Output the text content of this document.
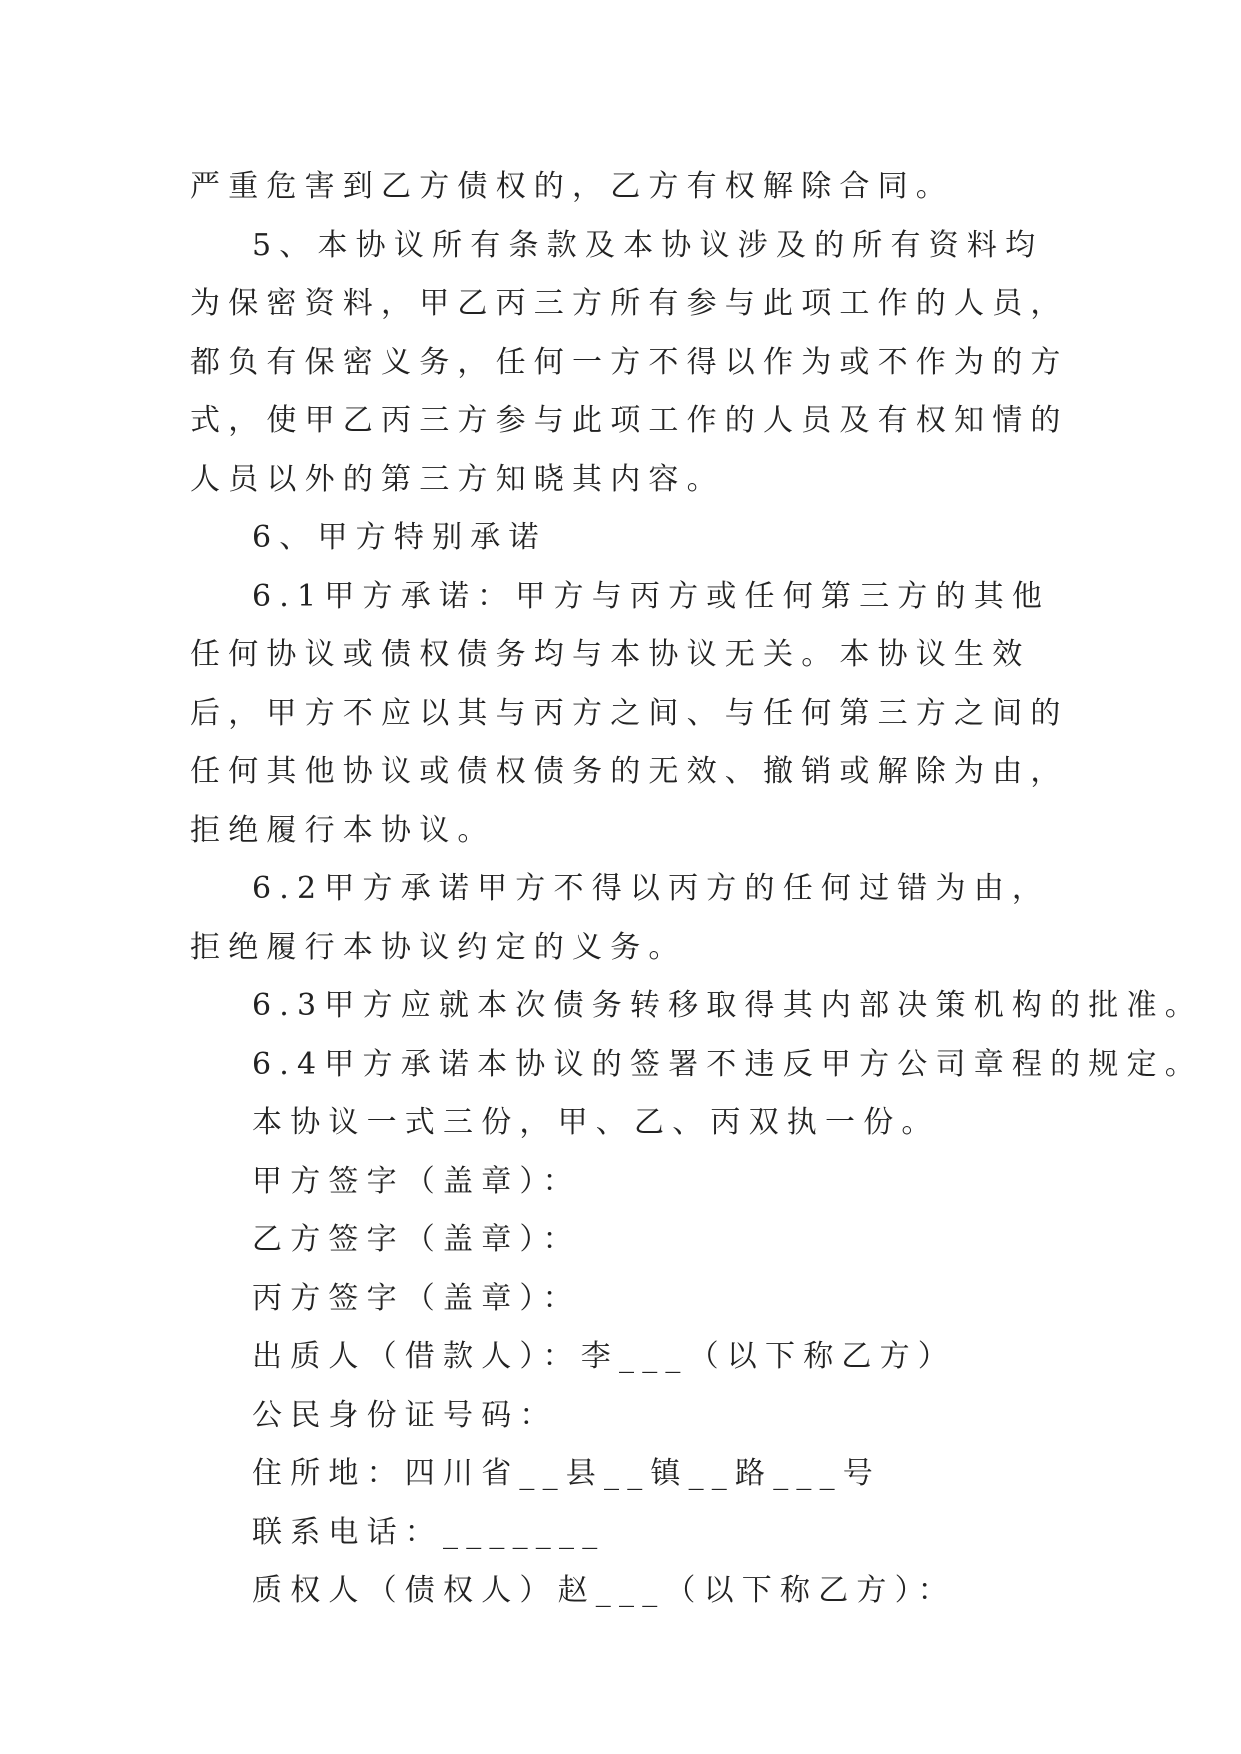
严重危害到乙方债权的，乙方有权解除合同。

5、本协议所有条款及本协议涉及的所有资料均为保密资料，甲乙丙三方所有参与此项工作的人员，都负有保密义务，任何一方不得以作为或不作为的方式，使甲乙丙三方参与此项工作的人员及有权知情的人员以外的第三方知晓其内容。

6、甲方特别承诺

6.1甲方承诺：甲方与丙方或任何第三方的其他任何协议或债权债务均与本协议无关。本协议生效后，甲方不应以其与丙方之间、与任何第三方之间的任何其他协议或债权债务的无效、撤销或解除为由，拒绝履行本协议。

6.2甲方承诺甲方不得以丙方的任何过错为由，拒绝履行本协议约定的义务。

6.3甲方应就本次债务转移取得其内部决策机构的批准。

6.4甲方承诺本协议的签署不违反甲方公司章程的规定。

本协议一式三份，甲、乙、丙双执一份。

甲方签字（盖章）：

乙方签字（盖章）：

丙方签字（盖章）：

出质人（借款人）：李___（以下称乙方）

公民身份证号码：

住所地：四川省__县__镇__路___号

联系电话：_______

质权人（债权人）赵___（以下称乙方）：
